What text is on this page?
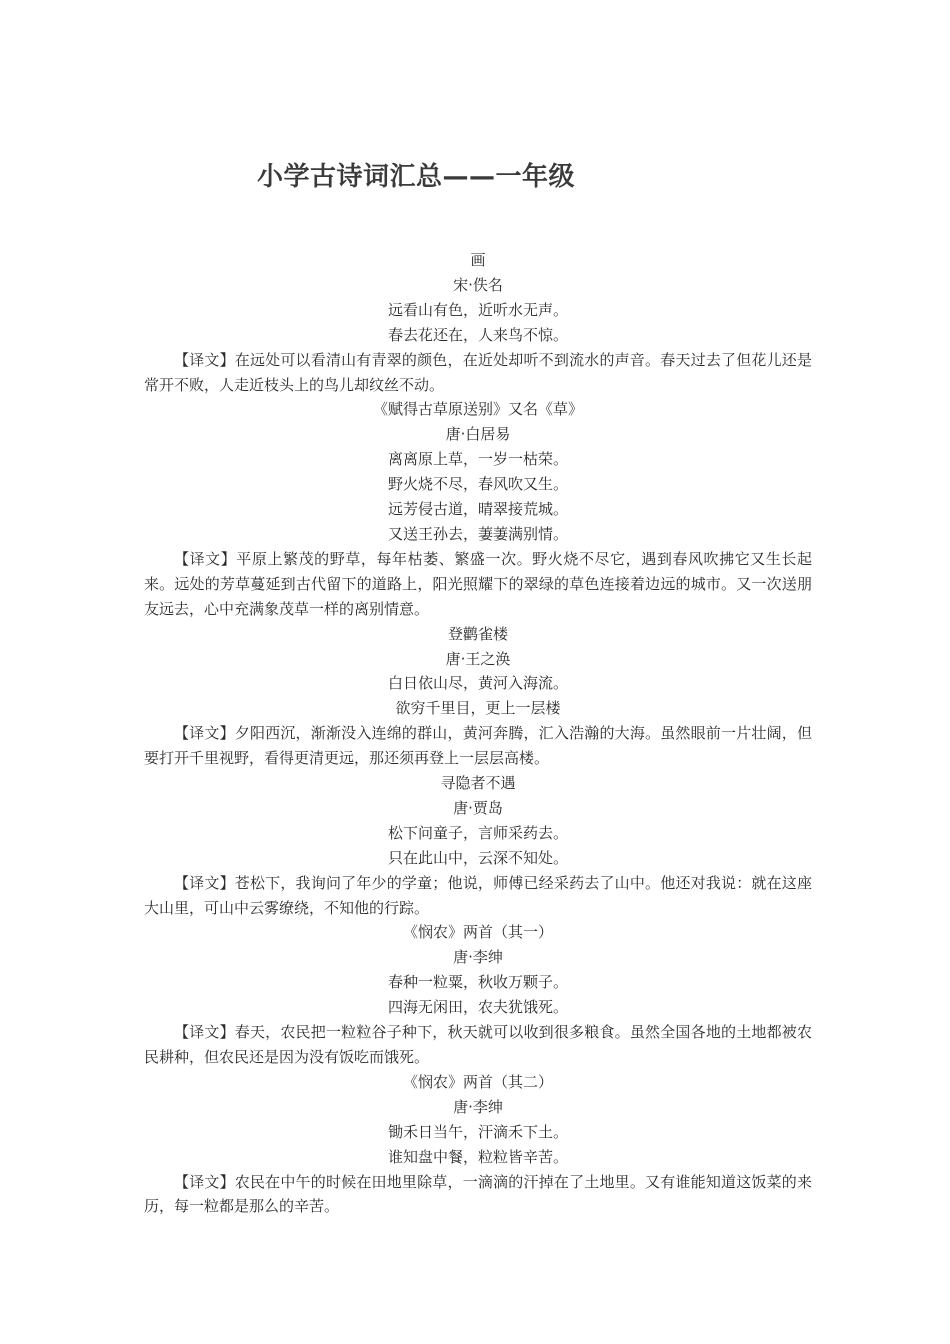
小学古诗词汇总——一年级
画
宋·佚名
远看山有色，近听水无声。
春去花还在，人来鸟不惊。

【译文】在远处可以看清山有青翠的颜色，在近处却听不到流水的声音。春天过去了但花儿还是常开不败，人走近枝头上的鸟儿却纹丝不动。

《赋得古草原送别》又名《草》
唐·白居易
离离原上草，一岁一枯荣。
野火烧不尽，春风吹又生。
远芳侵古道，晴翠接荒城。
又送王孙去，萋萋满别情。

【译文】平原上繁茂的野草，每年枯萎、繁盛一次。野火烧不尽它，遇到春风吹拂它又生长起来。远处的芳草蔓延到古代留下的道路上，阳光照耀下的翠绿的草色连接着边远的城市。又一次送朋友远去，心中充满象茂草一样的离别情意。

登鹳雀楼
唐·王之涣
白日依山尽，黄河入海流。
欲穷千里目，更上一层楼

【译文】夕阳西沉，渐渐没入连绵的群山，黄河奔腾，汇入浩瀚的大海。虽然眼前一片壮阔，但要打开千里视野，看得更清更远，那还须再登上一层层高楼。

寻隐者不遇
唐·贾岛
松下问童子，言师采药去。
只在此山中，云深不知处。

【译文】苍松下，我询问了年少的学童；他说，师傅已经采药去了山中。他还对我说：就在这座大山里，可山中云雾缭绕，不知他的行踪。

《悯农》两首（其一）
唐·李绅
春种一粒粟，秋收万颗子。
四海无闲田，农夫犹饿死。

【译文】春天，农民把一粒粒谷子种下，秋天就可以收到很多粮食。虽然全国各地的土地都被农民耕种，但农民还是因为没有饭吃而饿死。

《悯农》两首（其二）
唐·李绅
锄禾日当午，汗滴禾下土。
谁知盘中餐，粒粒皆辛苦。

【译文】农民在中午的时候在田地里除草，一滴滴的汗掉在了土地里。又有谁能知道这饭菜的来历，每一粒都是那么的辛苦。
